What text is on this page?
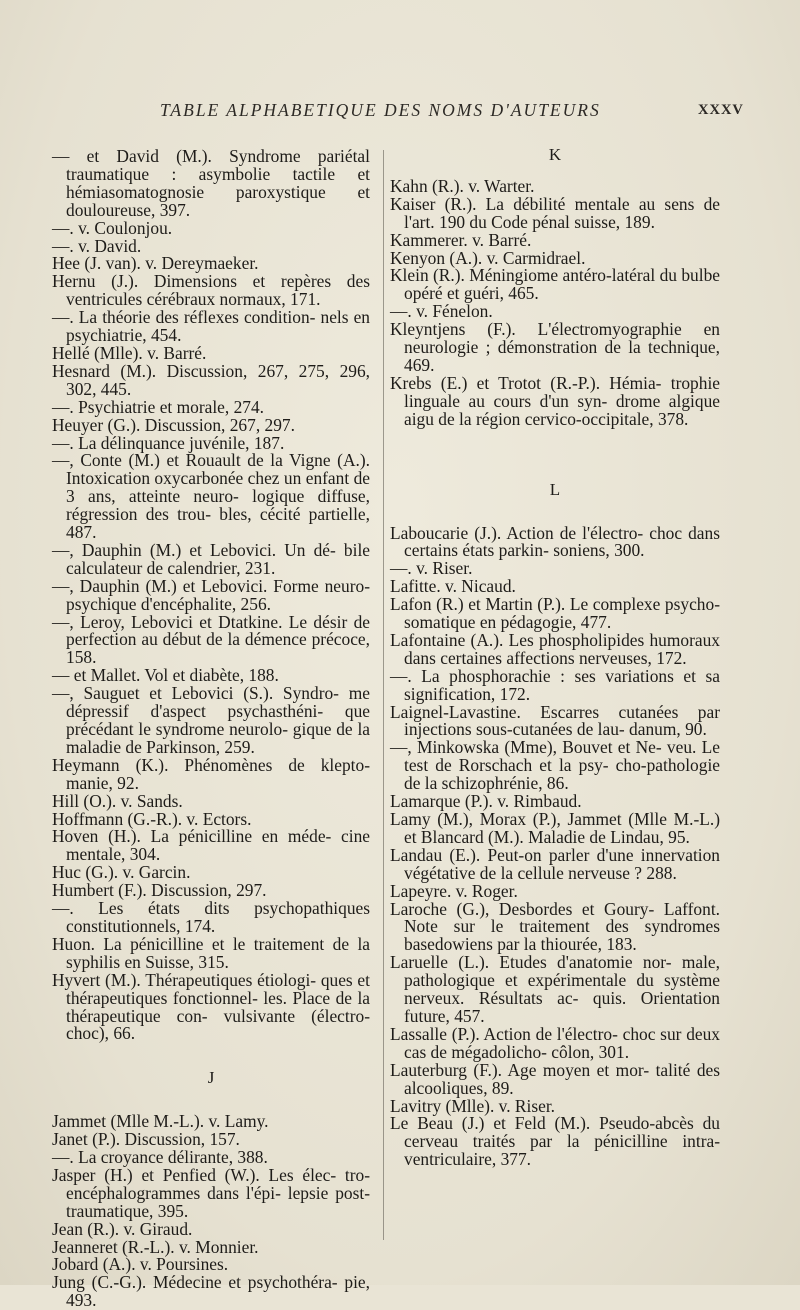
TABLE ALPHABETIQUE DES NOMS D'AUTEURS	XXXV

— et David (M.). Syndrome pariétal traumatique : asymbolie tactile et hémiasomatognosie paroxystique et douloureuse, 397.

—. v. Coulonjou.

—. v. David.

Hee (J. van). v. Dereymaeker.

Hernu (J.). Dimensions et repères des ventricules cérébraux normaux, 171.

—. La théorie des réflexes condition- nels en psychiatrie, 454.

Hellé (Mlle). v. Barré.

Hesnard (M.). Discussion, 267, 275, 296, 302, 445.

—. Psychiatrie et morale, 274.

Heuyer (G.). Discussion, 267, 297.

—. La délinquance juvénile, 187.

—, Conte (M.) et Rouault de la Vigne (A.). Intoxication oxycarbonée chez un enfant de 3 ans, atteinte neuro- logique diffuse, régression des trou- bles, cécité partielle, 487.

—, Dauphin (M.) et Lebovici. Un dé- bile calculateur de calendrier, 231.

—, Dauphin (M.) et Lebovici. Forme neuro-psychique d'encéphalite, 256.

—, Leroy, Lebovici et Dtatkine. Le désir de perfection au début de la démence précoce, 158.

— et Mallet. Vol et diabète, 188.

—, Sauguet et Lebovici (S.). Syndro- me dépressif d'aspect psychasthéni- que précédant le syndrome neurolo- gique de la maladie de Parkinson, 259.

Heymann (K.). Phénomènes de klepto- manie, 92.

Hill (O.). v. Sands.

Hoffmann (G.-R.). v. Ectors.

Hoven (H.). La pénicilline en méde- cine mentale, 304.

Huc (G.). v. Garcin.

Humbert (F.). Discussion, 297.

—. Les états dits psychopathiques constitutionnels, 174.

Huon. La pénicilline et le traitement de la syphilis en Suisse, 315.

Hyvert (M.). Thérapeutiques étiologi- ques et thérapeutiques fonctionnel- les. Place de la thérapeutique con- vulsivante (électro-choc), 66.

J

Jammet (Mlle M.-L.). v. Lamy.

Janet (P.). Discussion, 157.

—. La croyance délirante, 388.

Jasper (H.) et Penfied (W.). Les élec- tro-encéphalogrammes dans l'épi- lepsie post-traumatique, 395.

Jean (R.). v. Giraud.

Jeanneret (R.-L.). v. Monnier.

Jobard (A.). v. Poursines.

Jung (C.-G.). Médecine et psychothéra- pie, 493.

K

Kahn (R.). v. Warter.

Kaiser (R.). La débilité mentale au sens de l'art. 190 du Code pénal suisse, 189.

Kammerer. v. Barré.

Kenyon (A.). v. Carmidrael.

Klein (R.). Méningiome antéro-latéral du bulbe opéré et guéri, 465.

—. v. Fénelon.

Kleyntjens (F.). L'électromyographie en neurologie ; démonstration de la technique, 469.

Krebs (E.) et Trotot (R.-P.). Hémia- trophie linguale au cours d'un syn- drome algique aigu de la région cervico-occipitale, 378.

L

Laboucarie (J.). Action de l'électro- choc dans certains états parkin- soniens, 300.

—. v. Riser.

Lafitte. v. Nicaud.

Lafon (R.) et Martin (P.). Le complexe psycho-somatique en pédagogie, 477.

Lafontaine (A.). Les phospholipides humoraux dans certaines affections nerveuses, 172.

—. La phosphorachie : ses variations et sa signification, 172.

Laignel-Lavastine. Escarres cutanées par injections sous-cutanées de lau- danum, 90.

—, Minkowska (Mme), Bouvet et Ne- veu. Le test de Rorschach et la psy- cho-pathologie de la schizophrénie, 86.

Lamarque (P.). v. Rimbaud.

Lamy (M.), Morax (P.), Jammet (Mlle M.-L.) et Blancard (M.). Maladie de Lindau, 95.

Landau (E.). Peut-on parler d'une innervation végétative de la cellule nerveuse ? 288.

Lapeyre. v. Roger.

Laroche (G.), Desbordes et Goury- Laffont. Note sur le traitement des syndromes basedowiens par la thiourée, 183.

Laruelle (L.). Etudes d'anatomie nor- male, pathologique et expérimentale du système nerveux. Résultats ac- quis. Orientation future, 457.

Lassalle (P.). Action de l'électro- choc sur deux cas de mégadolicho- côlon, 301.

Lauterburg (F.). Age moyen et mor- talité des alcooliques, 89.

Lavitry (Mlle). v. Riser.

Le Beau (J.) et Feld (M.). Pseudo-abcès du cerveau traités par la pénicilline intra-ventriculaire, 377.
